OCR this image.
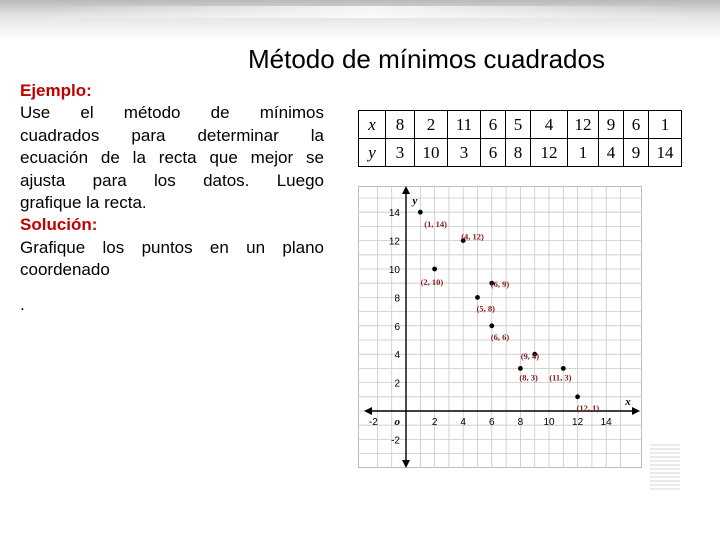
Método de mínimos cuadrados

Ejemplo:

Use el método de mínimos

cuadrados para determinar la

ecuación de la recta que mejor se

ajusta para los datos. Luego

grafique la recta.

Solución:

Grafique los puntos en un plano

coordenado

.

x	8	2	11	6	5	4	12	9	6	1
y	3	10	3	6	8	12	1	4	9	14
-2	2 4 6 8 10 12 14
14
12
10
8
6
4
2
-2
o
x
y
(1, 14)
(4, 12)
(2, 10)	(6, 9)
(5, 8)
(6, 6)
(9, 4)
(8, 3) (11, 3)
(12, 1)
